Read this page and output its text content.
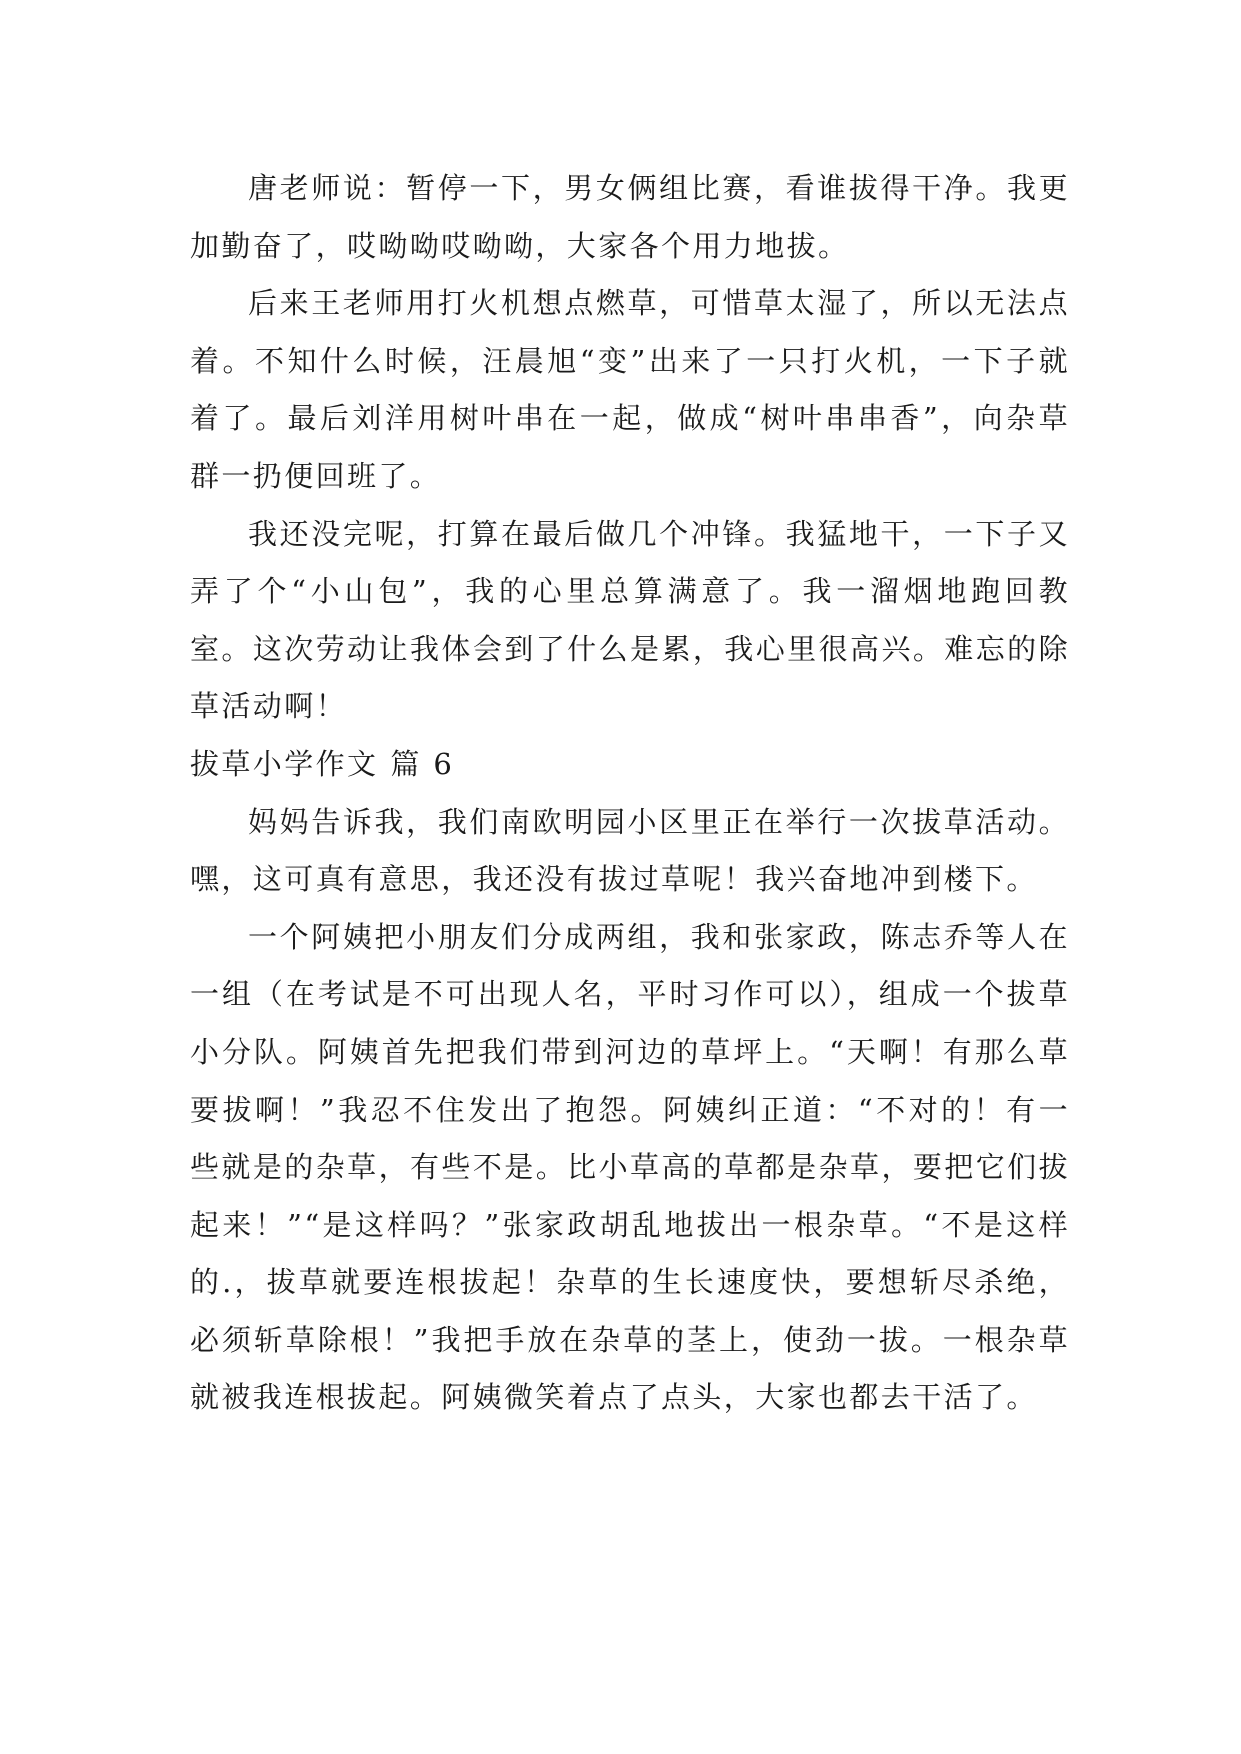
唐老师说：暂停一下，男女俩组比赛，看谁拔得干净。我更加勤奋了，哎呦呦哎呦呦，大家各个用力地拔。

后来王老师用打火机想点燃草，可惜草太湿了，所以无法点着。不知什么时候，汪晨旭“变”出来了一只打火机，一下子就着了。最后刘洋用树叶串在一起，做成“树叶串串香”，向杂草群一扔便回班了。

我还没完呢，打算在最后做几个冲锋。我猛地干，一下子又弄了个“小山包”，我的心里总算满意了。我一溜烟地跑回教室。这次劳动让我体会到了什么是累，我心里很高兴。难忘的除草活动啊！

拔草小学作文 篇 6

妈妈告诉我，我们南欧明园小区里正在举行一次拔草活动。嘿，这可真有意思，我还没有拔过草呢！我兴奋地冲到楼下。

一个阿姨把小朋友们分成两组，我和张家政，陈志乔等人在一组（在考试是不可出现人名，平时习作可以），组成一个拔草小分队。阿姨首先把我们带到河边的草坪上。“天啊！有那么草要拔啊！”我忍不住发出了抱怨。阿姨纠正道：“不对的！有一些就是的杂草，有些不是。比小草高的草都是杂草，要把它们拔起来！”“是这样吗？”张家政胡乱地拔出一根杂草。“不是这样的.，拔草就要连根拔起！杂草的生长速度快，要想斩尽杀绝，必须斩草除根！”我把手放在杂草的茎上，使劲一拔。一根杂草就被我连根拔起。阿姨微笑着点了点头，大家也都去干活了。
